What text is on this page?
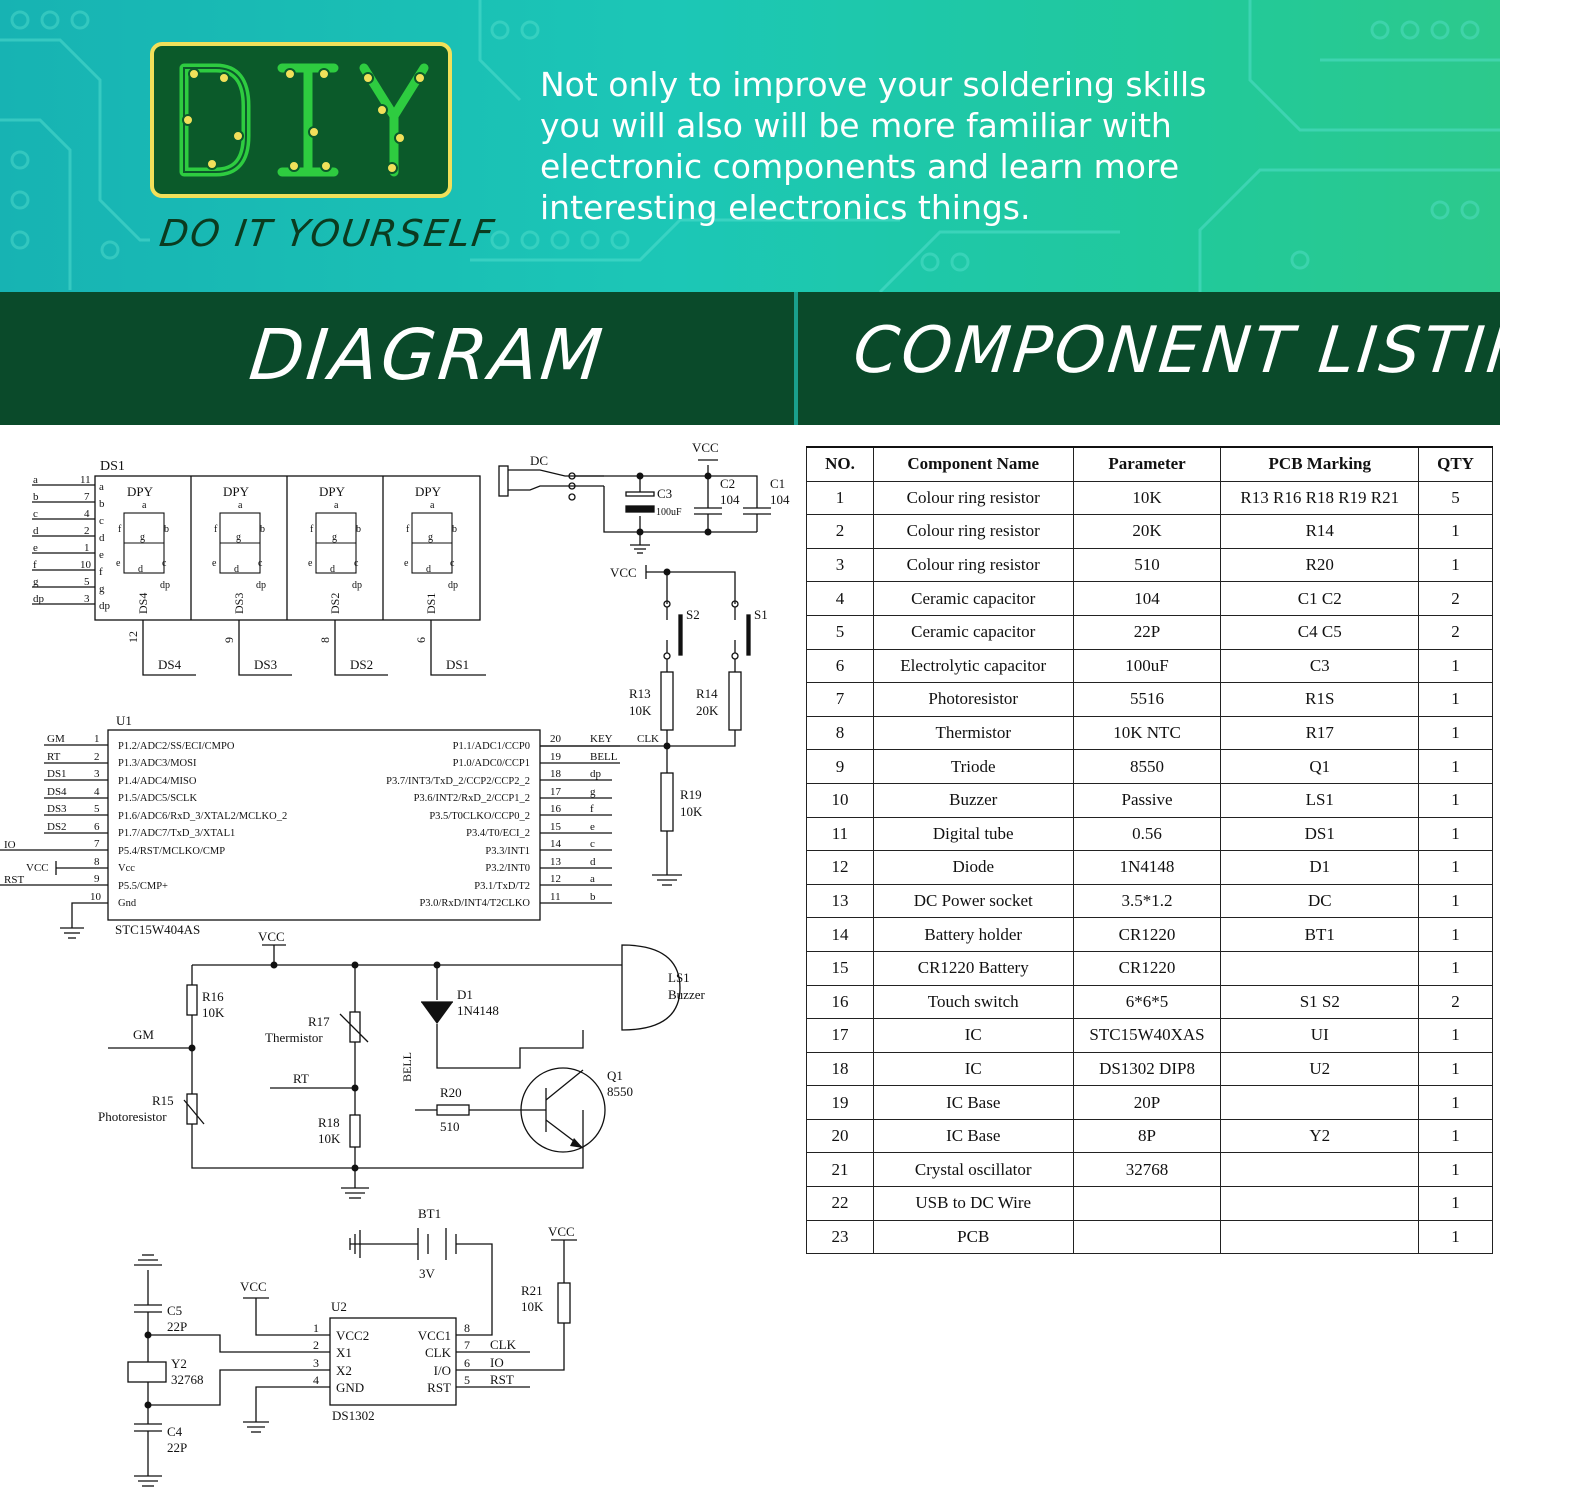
DO IT YOURSELF
Not only to improve your soldering skills
you will also will be more familiar with
electronic components and learn more
interesting electronics things.
DIAGRAM	COMPONENT LISTING
DS1
a	11
b	7
c	4
d	2
e	1
f	10
g	5
dp	3
a
b
c
d
e
f
g
dp
DPY	DPY	DPY	DPY
DS4	DS3	DS2	DS1
DS4	DS3	DS2	DS1
12	9	8	6
a
f	b
g
e	c
d
dp
a
f	b
g
e	c
d
dp
a
f	b
g
e	c
d
dp
a
f	b
g
e	c
d
dp
DC
VCC
C3
C2
104
C1
104
100uF
VCC
S2	S1
R13
10K
R14
20K
R19
10K
CLK
U1
STC15W404AS
GM
RT
DS1
DS4
DS3
DS2
IO
VCC
RST
1
2
3
4
5
6
7
8
9
10
KEY
BELL
dp
g
f
e
c
d
a
b
20
19
18
17
16
15
14
13
12
11
P1.2/ADC2/SS/ECI/CMPO
P1.3/ADC3/MOSI
P1.4/ADC4/MISO
P1.5/ADC5/SCLK
P1.6/ADC6/RxD_3/XTAL2/MCLKO_2
P1.7/ADC7/TxD_3/XTAL1
P5.4/RST/MCLKO/CMP
Vcc
P5.5/CMP+
Gnd
P1.1/ADC1/CCP0
P1.0/ADC0/CCP1
P3.7/INT3/TxD_2/CCP2/CCP2_2
P3.6/INT2/RxD_2/CCP1_2
P3.5/T0CLKO/CCP0_2
P3.4/T0/ECI_2
P3.3/INT1
P3.2/INT0
P3.1/TxD/T2
P3.0/RxD/INT4/T2CLKO
VCC
R16
10K
GM
R15
Photoresistor
R17
Thermistor
RT
R18
10K
D1
1N4148
R20
510
Q1
8550
LS1
Buzzer
BELL
BT1
3V
VCC
VCC
R21
10K
C5
22P
Y2
32768
C4
22P
U2
DS1302
VCC2
X1
X2
GND
CLK
IO
RST
VCC1
CLK
I/O
RST
1
2
3
4
8
7
6
5
NO.	Component Name	Parameter	PCB Marking	QTY
1	Colour ring resistor	10K	R13 R16 R18 R19 R21	5
2	Colour ring resistor	20K	R14	1
3	Colour ring resistor	510	R20	1
4	Ceramic capacitor	104	C1 C2	2
5	Ceramic capacitor	22P	C4 C5	2
6	Electrolytic capacitor	100uF	C3	1
7	Photoresistor	5516	R1S	1
8	Thermistor	10K NTC	R17	1
9	Triode	8550	Q1	1
10	Buzzer	Passive	LS1	1
11	Digital tube	0.56	DS1	1
12	Diode	1N4148	D1	1
13	DC Power socket	3.5*1.2	DC	1
14	Battery holder	CR1220	BT1	1
15	CR1220 Battery	CR1220		1
16	Touch switch	6*6*5	S1 S2	2
17	IC	STC15W40XAS	UI	1
18	IC	DS1302 DIP8	U2	1
19	IC Base	20P		1
20	IC Base	8P	Y2	1
21	Crystal oscillator	32768		1
22	USB to DC Wire			1
23	PCB			1
